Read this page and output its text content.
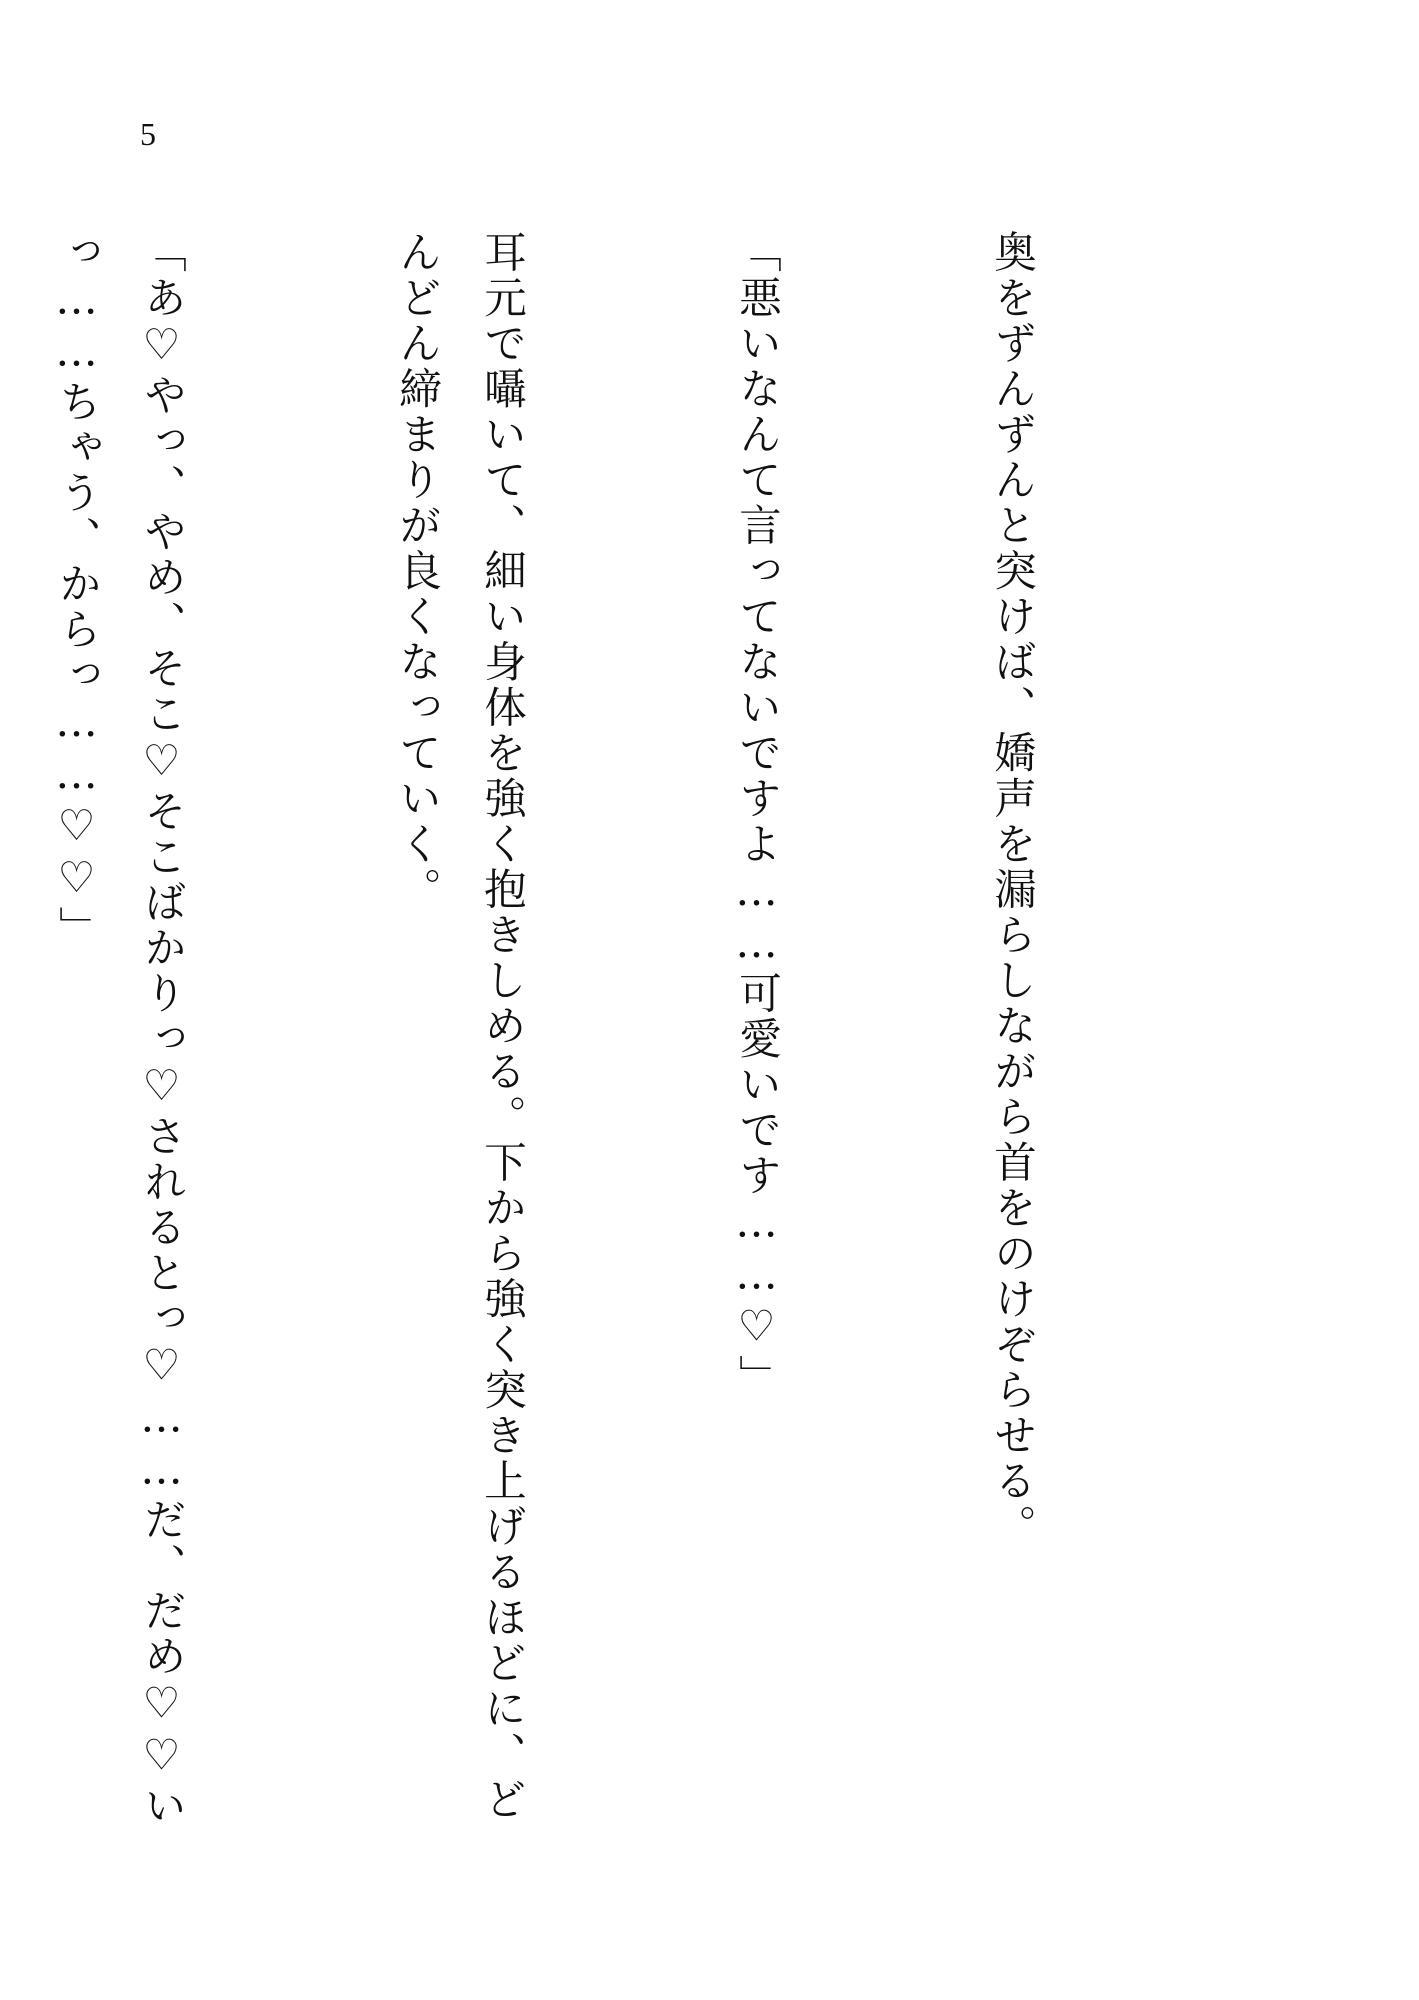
5

奥をずんずんと突けば、嬌声を漏らしながら首をのけぞらせる。

「悪いなんて言ってないですよ……可愛いです……♡」

耳元で囁いて、細い身体を強く抱きしめる。下から強く突き上げるほどに、どんどん締まりが良くなっていく。

「あ♡やっ、やめ、そこ♡そこばかりっ♡されるとっ♡……だ、だめ♡♡いっ……ちゃう、からっ……♡♡」
